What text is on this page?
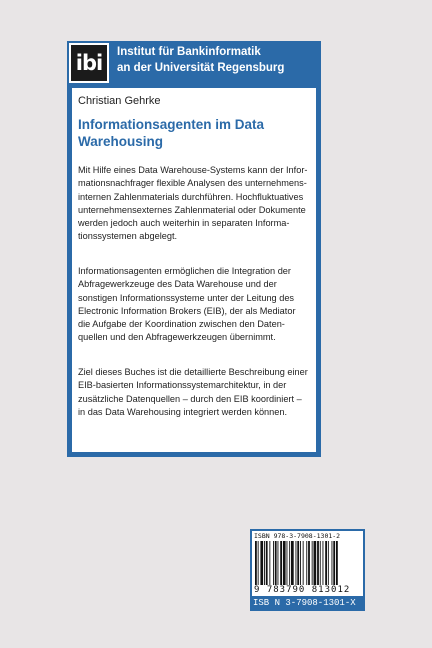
ibi	Institut für Bankinformatik
an der Universität Regensburg
Christian Gehrke
Informationsagenten im Data
Warehousing
Mit Hilfe eines Data Warehouse-Systems kann der Infor-
mationsnachfrager flexible Analysen des unternehmens-
internen Zahlenmaterials durchführen. Hochfluktuatives
unternehmensexternes Zahlenmaterial oder Dokumente
werden jedoch auch weiterhin in separaten Informa-
tionssystemen abgelegt.
Informationsagenten ermöglichen die Integration der
Abfragewerkzeuge des Data Warehouse und der
sonstigen Informationssysteme unter der Leitung des
Electronic Information Brokers (EIB), der als Mediator
die Aufgabe der Koordination zwischen den Daten-
quellen und den Abfragewerkzeugen übernimmt.
Ziel dieses Buches ist die detaillierte Beschreibung einer
EIB-basierten Informationssystemarchitektur, in der
zusätzliche Datenquellen – durch den EIB koordiniert –
in das Data Warehousing integriert werden können.
ISBN 978-3-7908-1301-2
9 783790 813012
ISB N 3-7908-1301-X
